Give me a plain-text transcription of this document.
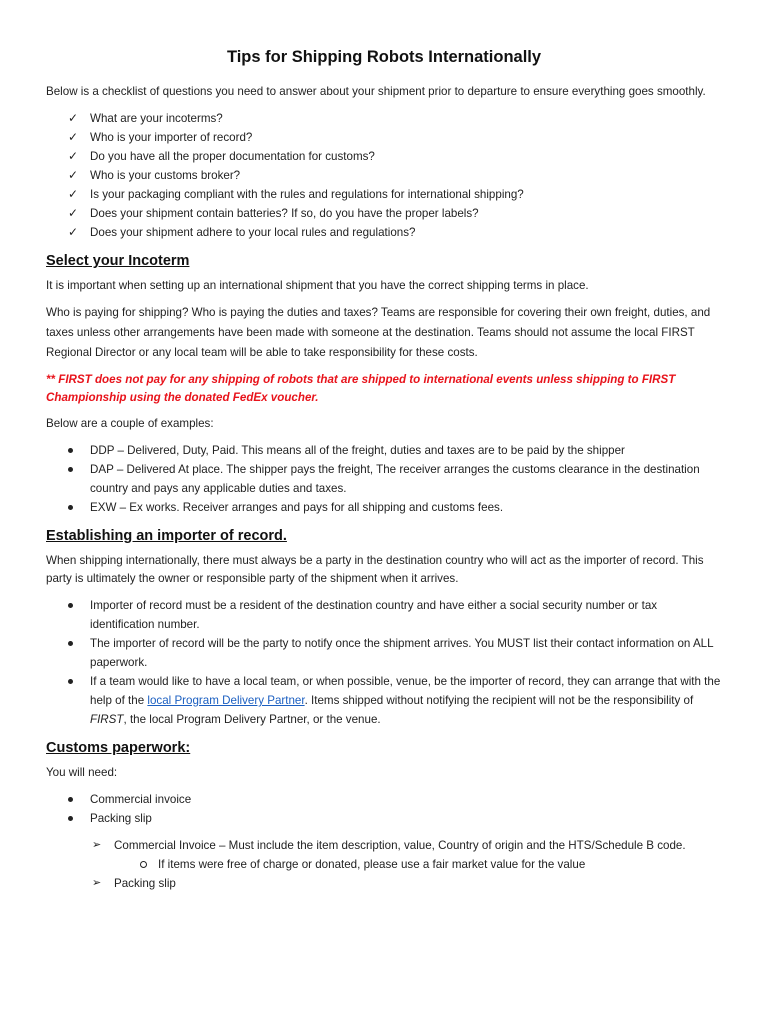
Tips for Shipping Robots Internationally

Below is a checklist of questions you need to answer about your shipment prior to departure to ensure everything goes smoothly.

✓ What are your incoterms?
✓ Who is your importer of record?
✓ Do you have all the proper documentation for customs?
✓ Who is your customs broker?
✓ Is your packaging compliant with the rules and regulations for international shipping?
✓ Does your shipment contain batteries? If so, do you have the proper labels?
✓ Does your shipment adhere to your local rules and regulations?
Select your Incoterm

It is important when setting up an international shipment that you have the correct shipping terms in place.

Who is paying for shipping? Who is paying the duties and taxes? Teams are responsible for covering their own freight, duties, and taxes unless other arrangements have been made with someone at the destination. Teams should not assume the local FIRST Regional Director or any local team will be able to take responsibility for these costs.

** FIRST does not pay for any shipping of robots that are shipped to international events unless shipping to FIRST Championship using the donated FedEx voucher.

Below are a couple of examples:

DDP – Delivered, Duty, Paid. This means all of the freight, duties and taxes are to be paid by the shipper
DAP – Delivered At place. The shipper pays the freight, The receiver arranges the customs clearance in the destination country and pays any applicable duties and taxes.
EXW – Ex works. Receiver arranges and pays for all shipping and customs fees.
Establishing an importer of record.

When shipping internationally, there must always be a party in the destination country who will act as the importer of record. This party is ultimately the owner or responsible party of the shipment when it arrives.

Importer of record must be a resident of the destination country and have either a social security number or tax identification number.
The importer of record will be the party to notify once the shipment arrives. You MUST list their contact information on ALL paperwork.
If a team would like to have a local team, or when possible, venue, be the importer of record, they can arrange that with the help of the local Program Delivery Partner. Items shipped without notifying the recipient will not be the responsibility of FIRST, the local Program Delivery Partner, or the venue.
Customs paperwork:

You will need:

Commercial invoice
Packing slip
➢ Commercial Invoice – Must include the item description, value, Country of origin and the HTS/Schedule B code.
If items were free of charge or donated, please use a fair market value for the value
➢ Packing slip
